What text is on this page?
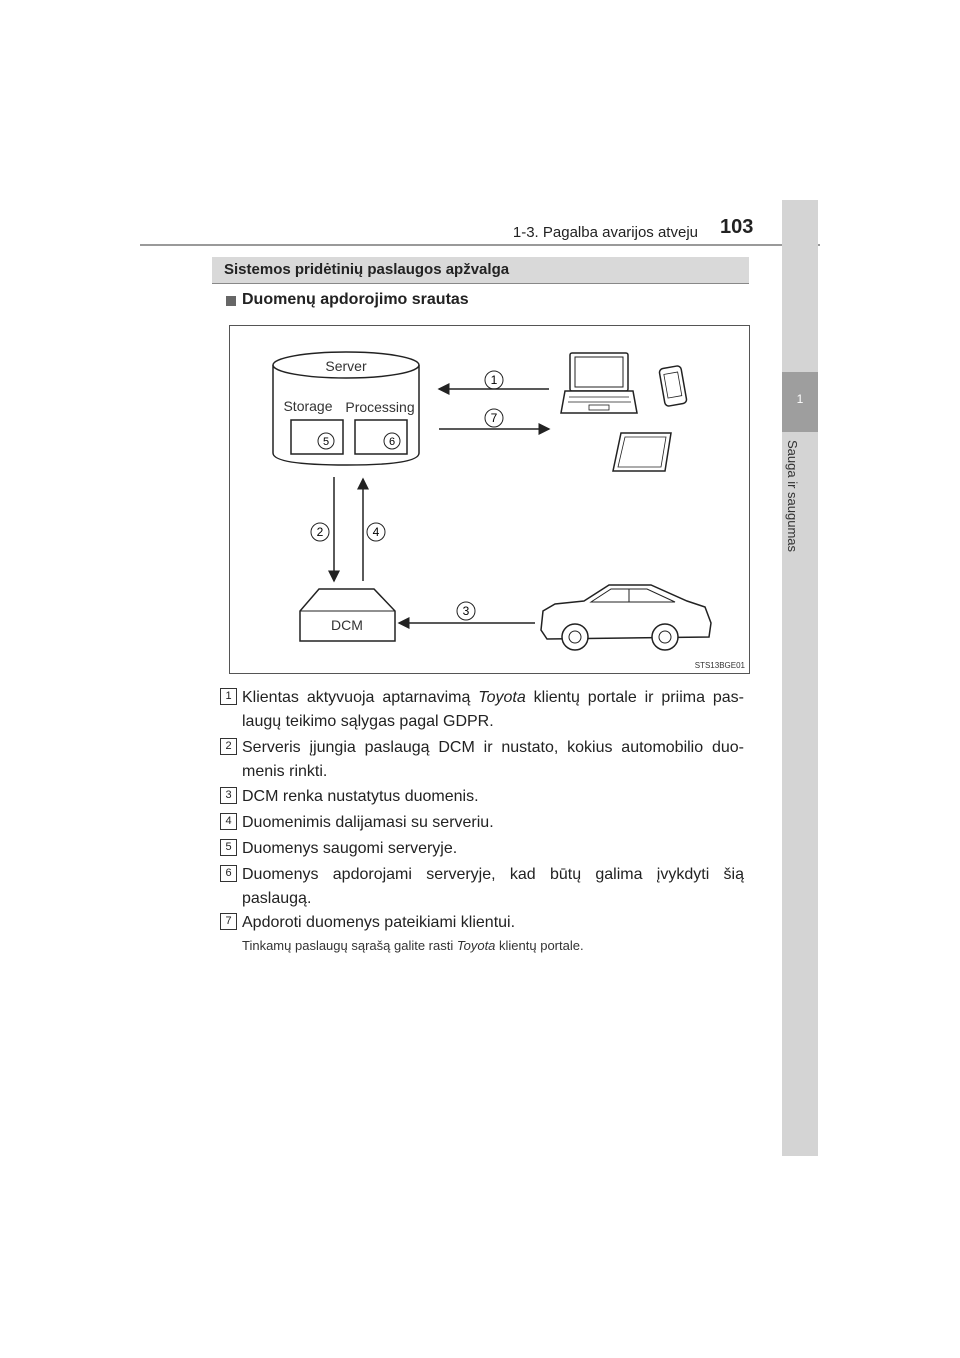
1-3. Pagalba avarijos atveju 103
1
Sauga ir saugumas
Sistemos pridėtinių paslaugos apžvalga
Duomenų apdorojimo srautas
Server
Storage Processing
5	6
1
7
2	4
3
DCM
STS13BGE01
1 Klientas aktyvuoja aptarnavimą Toyota klientų portale ir priima pas-laugų teikimo sąlygas pagal GDPR.
2 Serveris įjungia paslaugą DCM ir nustato, kokius automobilio duo-menis rinkti.
3 DCM renka nustatytus duomenis.
4 Duomenimis dalijamasi su serveriu.
5 Duomenys saugomi serveryje.
6 Duomenys apdorojami serveryje, kad būtų galima įvykdyti šią paslaugą.
7 Apdoroti duomenys pateikiami klientui.
Tinkamų paslaugų sąrašą galite rasti Toyota klientų portale.
